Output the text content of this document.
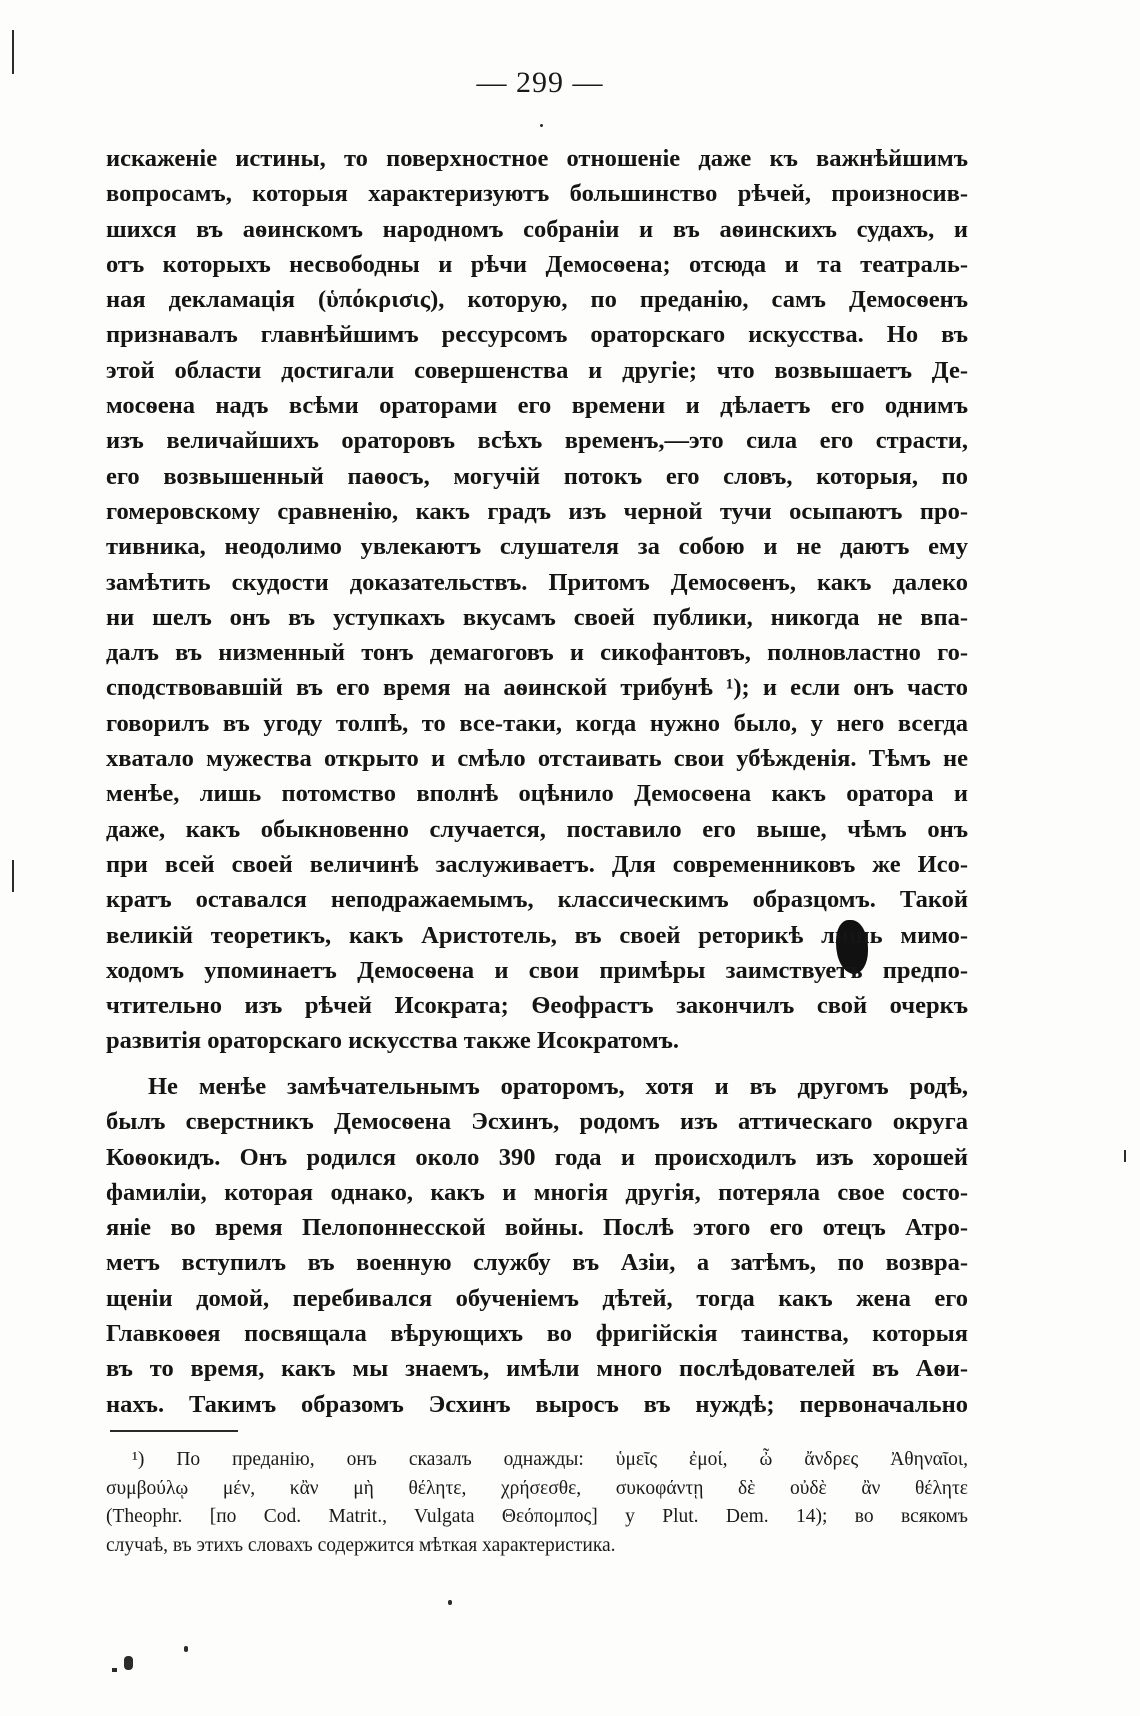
— 299 —
искаженіе истины, то поверхностное отношеніе даже къ важнѣйшимъ
вопросамъ, которыя характеризуютъ большинство рѣчей, произносив-
шихся въ аѳинскомъ народномъ собраніи и въ аѳинскихъ судахъ, и
отъ которыхъ несвободны и рѣчи Демосѳена; отсюда и та театраль-
ная декламація (ὑπόκρισις), которую, по преданію, самъ Демосѳенъ
признавалъ главнѣйшимъ рессурсомъ ораторскаго искусства. Но въ
этой области достигали совершенства и другіе; что возвышаетъ Де-
мосѳена надъ всѣми ораторами его времени и дѣлаетъ его однимъ
изъ величайшихъ ораторовъ всѣхъ временъ,—это сила его страсти,
его возвышенный паѳосъ, могучій потокъ его словъ, которыя, по
гомеровскому сравненію, какъ градъ изъ черной тучи осыпаютъ про-
тивника, неодолимо увлекаютъ слушателя за собою и не даютъ ему
замѣтить скудости доказательствъ. Притомъ Демосѳенъ, какъ далеко
ни шелъ онъ въ уступкахъ вкусамъ своей публики, никогда не впа-
далъ въ низменный тонъ демагоговъ и сикофантовъ, полновластно го-
сподствовавшій въ его время на аѳинской трибунѣ ¹); и если онъ часто
говорилъ въ угоду толпѣ, то все-таки, когда нужно было, у него всегда
хватало мужества открыто и смѣло отстаивать свои убѣжденія. Тѣмъ не
менѣе, лишь потомство вполнѣ оцѣнило Демосѳена какъ оратора и
даже, какъ обыкновенно случается, поставило его выше, чѣмъ онъ
при всей своей величинѣ заслуживаетъ. Для современниковъ же Исо-
кратъ оставался неподражаемымъ, классическимъ образцомъ. Такой
великій теоретикъ, какъ Аристотель, въ своей реторикѣ лишь мимо-
ходомъ упоминаетъ Демосѳена и свои примѣры заимствуетъ предпо-
чтительно изъ рѣчей Исократа; Ѳеофрастъ закончилъ свой очеркъ
развитія ораторскаго искусства также Исократомъ.
Не менѣе замѣчательнымъ ораторомъ, хотя и въ другомъ родѣ,
былъ сверстникъ Демосѳена Эсхинъ, родомъ изъ аттическаго округа
Коѳокидъ. Онъ родился около 390 года и происходилъ изъ хорошей
фамиліи, которая однако, какъ и многія другія, потеряла свое состо-
яніе во время Пелопоннесской войны. Послѣ этого его отецъ Атро-
метъ вступилъ въ военную службу въ Азіи, а затѣмъ, по возвра-
щеніи домой, перебивался обученіемъ дѣтей, тогда какъ жена его
Главкоѳея посвящала вѣрующихъ во фригійскія таинства, которыя
въ то время, какъ мы знаемъ, имѣли много послѣдователей въ Аѳи-
нахъ. Такимъ образомъ Эсхинъ выросъ въ нуждѣ; первоначально
¹) По преданію, онъ сказалъ однажды: ὑμεῖς ἐμοί, ὦ ἄνδρες Ἀθηναῖοι,
συμβούλῳ μέν, κἂν μὴ θέλητε, χρήσεσθε, συκοφάντῃ δὲ οὐδὲ ἂν θέλητε
(Theophr. [по Cod. Matrit., Vulgata Θεόπομπος] у Plut. Dem. 14); во всякомъ
случаѣ, въ этихъ словахъ содержится мѣткая характеристика.
